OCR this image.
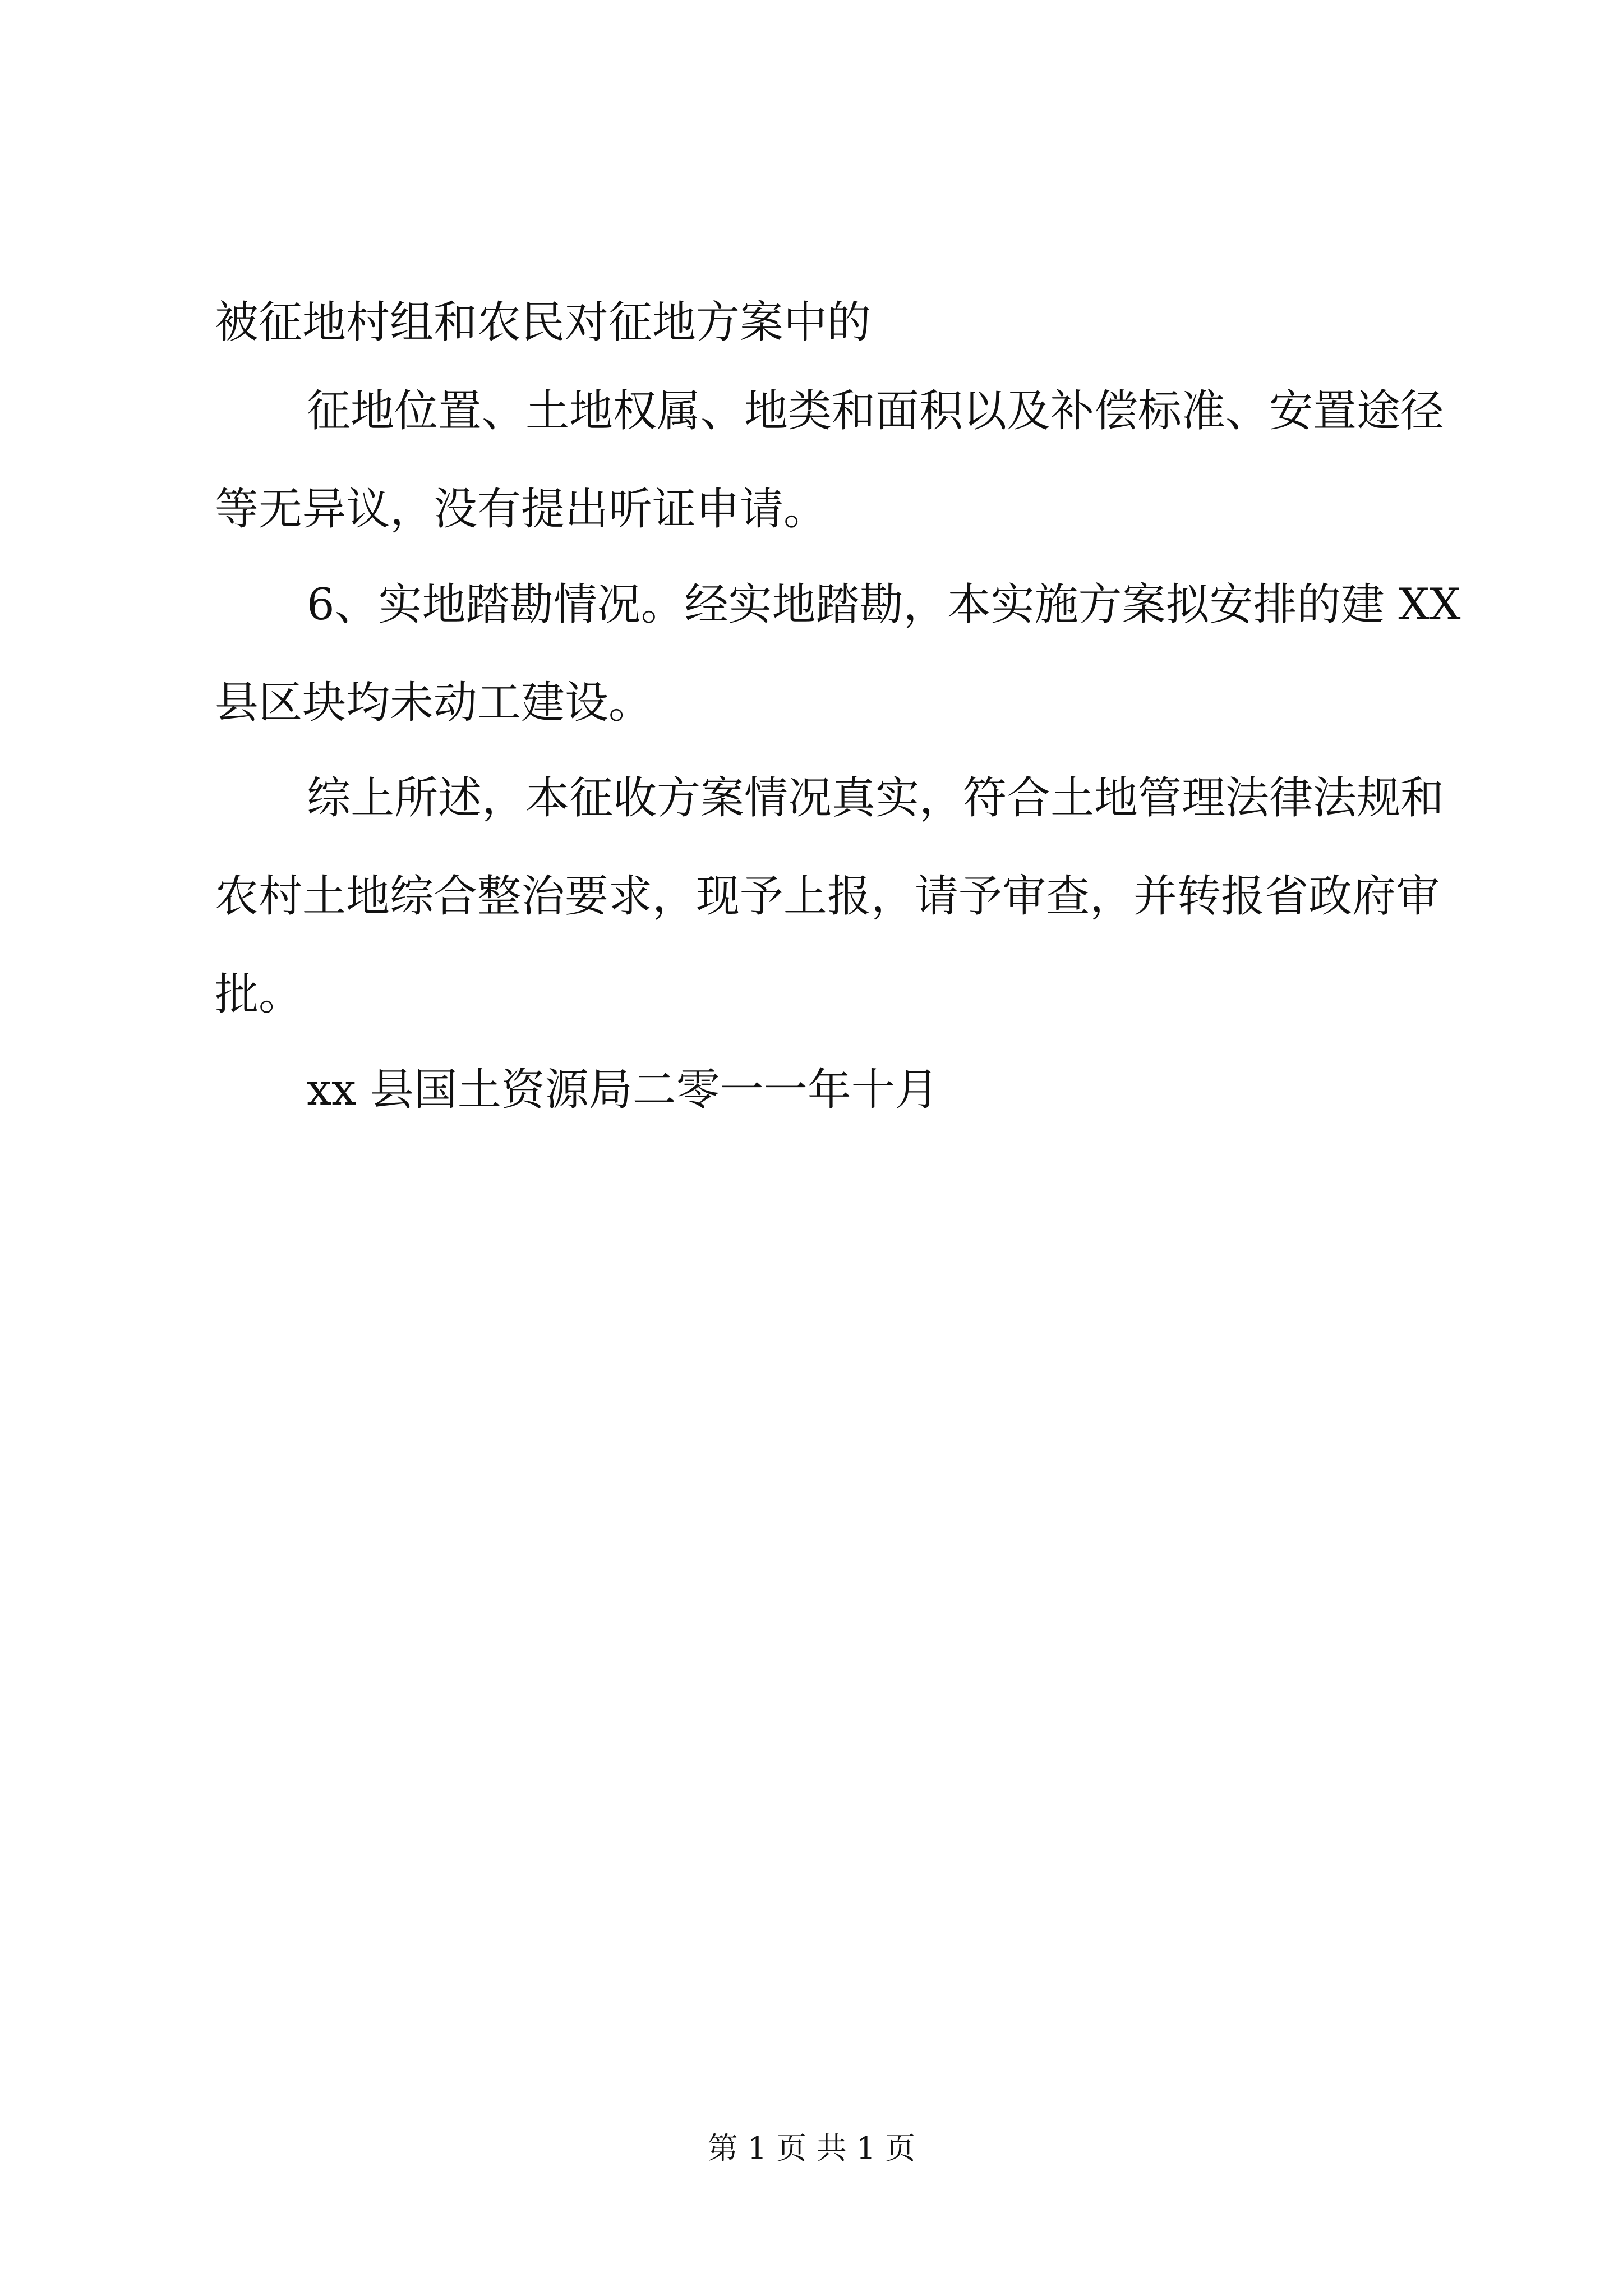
被征地村组和农民对征地方案中的
征地位置、土地权属、地类和面积以及补偿标准、安置途径
等无异议，没有提出听证申请。
6、实地踏勘情况。经实地踏勘，本实施方案拟安排的建 XX
县区块均未动工建设。
综上所述，本征收方案情况真实，符合土地管理法律法规和
农村土地综合整治要求，现予上报，请予审查，并转报省政府审
批。
xx 县国土资源局二零一一年十月
第 1 页 共 1 页
